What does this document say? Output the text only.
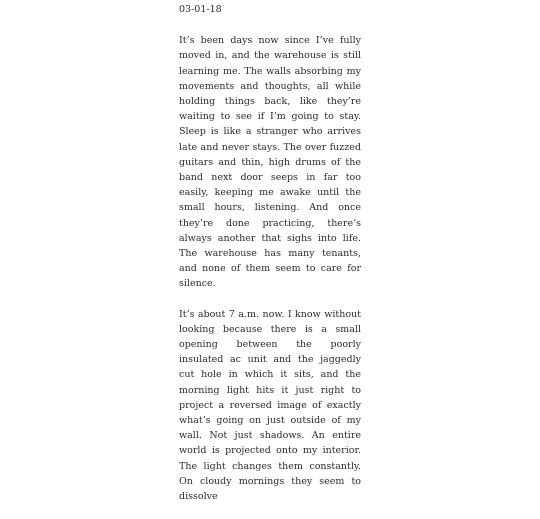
03-01-18

It’s been days now since I’ve fully moved in, and the warehouse is still learning me. The walls absorbing my movements and thoughts, all while holding things back, like they’re waiting to see if I’m going to stay. Sleep is like a stranger who arrives late and never stays. The over fuzzed guitars and thin, high drums of the band next door seeps in far too easily, keeping me awake until the small hours, listening. And once they’re done practicing, there’s always another that sighs into life. The warehouse has many tenants, and none of them seem to care for silence.

It’s about 7 a.m. now. I know without looking because there is a small opening between the poorly insulated ac unit and the jaggedly cut hole in which it sits, and the morning light hits it just right to project a reversed image of exactly what’s going on just outside of my wall. Not just shadows. An entire world is projected onto my interior. The light changes them constantly. On cloudy mornings they seem to dissolve
